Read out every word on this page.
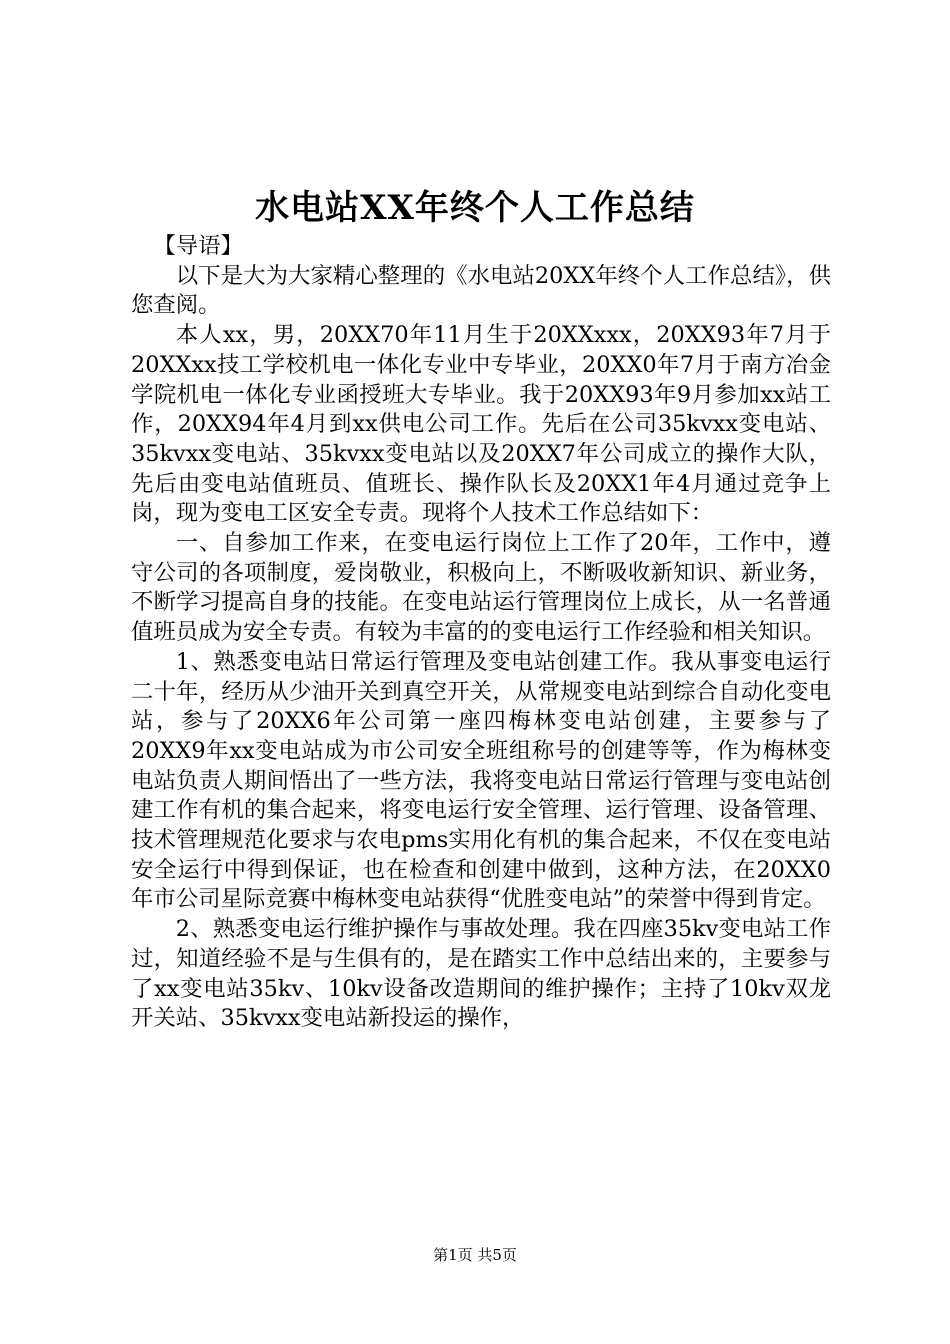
水电站XX年终个人工作总结

【导语】

以下是大为大家精心整理的《水电站20XX年终个人工作总结》，供您查阅。

本人xx，男，20XX70年11月生于20XXxxx，20XX93年7月于20XXxx技工学校机电一体化专业中专毕业，20XX0年7月于南方冶金学院机电一体化专业函授班大专毕业。我于20XX93年9月参加xx站工作，20XX94年4月到xx供电公司工作。先后在公司35kvxx变电站、35kvxx变电站、35kvxx变电站以及20XX7年公司成立的操作大队，先后由变电站值班员、值班长、操作队长及20XX1年4月通过竞争上岗，现为变电工区安全专责。现将个人技术工作总结如下：

一、自参加工作来，在变电运行岗位上工作了20年，工作中，遵守公司的各项制度，爱岗敬业，积极向上，不断吸收新知识、新业务，不断学习提高自身的技能。在变电站运行管理岗位上成长，从一名普通值班员成为安全专责。有较为丰富的的变电运行工作经验和相关知识。

1、熟悉变电站日常运行管理及变电站创建工作。我从事变电运行二十年，经历从少油开关到真空开关，从常规变电站到综合自动化变电站，参与了20XX6年公司第一座四梅林变电站创建，主要参与了20XX9年xx变电站成为市公司安全班组称号的创建等等，作为梅林变电站负责人期间悟出了一些方法，我将变电站日常运行管理与变电站创建工作有机的集合起来，将变电运行安全管理、运行管理、设备管理、技术管理规范化要求与农电pms实用化有机的集合起来，不仅在变电站安全运行中得到保证，也在检查和创建中做到，这种方法，在20XX0年市公司星际竞赛中梅林变电站获得“优胜变电站”的荣誉中得到肯定。

2、熟悉变电运行维护操作与事故处理。我在四座35kv变电站工作过，知道经验不是与生俱有的，是在踏实工作中总结出来的，主要参与了xx变电站35kv、10kv设备改造期间的维护操作；主持了10kv双龙开关站、35kvxx变电站新投运的操作，

第1页 共5页
